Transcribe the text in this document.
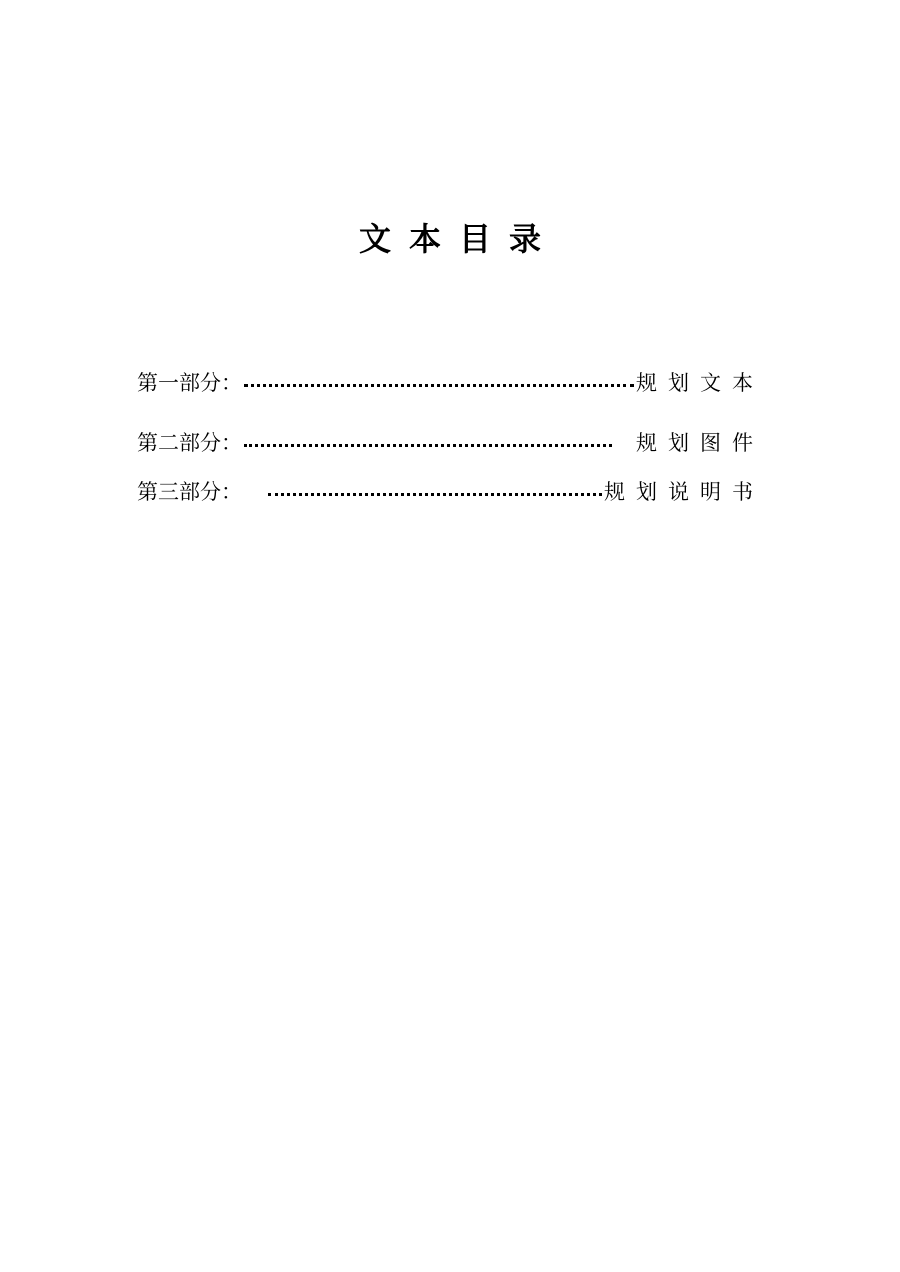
文本目录
第一部分：	规划文本
第二部分：	规划图件
第三部分：	规划说明书
